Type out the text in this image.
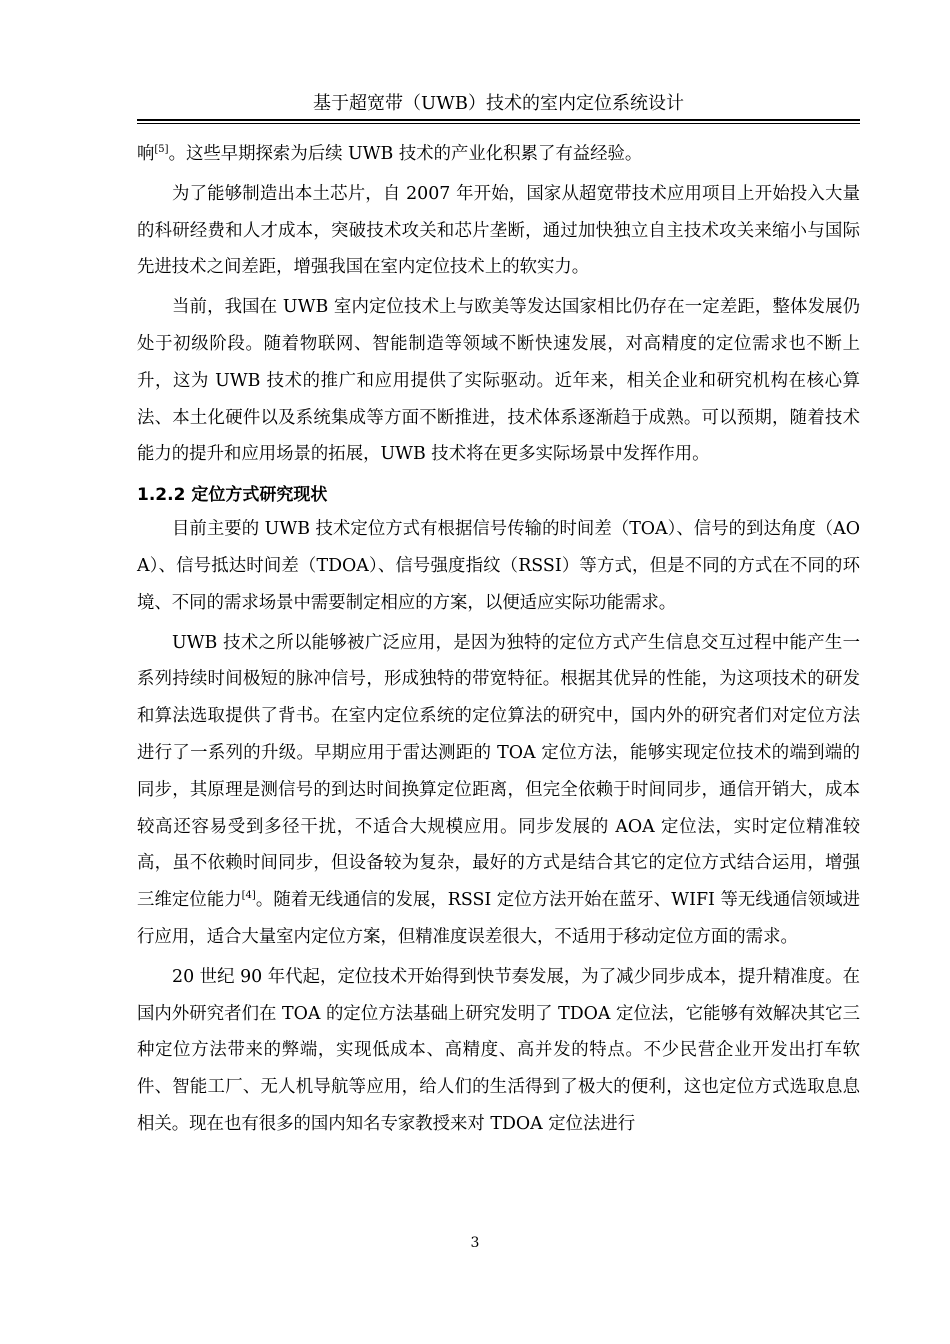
基于超宽带（UWB）技术的室内定位系统设计

响[5]。这些早期探索为后续 UWB 技术的产业化积累了有益经验。

为了能够制造出本土芯片，自 2007 年开始，国家从超宽带技术应用项目上开始投入大量的科研经费和人才成本，突破技术攻关和芯片垄断，通过加快独立自主技术攻关来缩小与国际先进技术之间差距，增强我国在室内定位技术上的软实力。

当前，我国在 UWB 室内定位技术上与欧美等发达国家相比仍存在一定差距，整体发展仍处于初级阶段。随着物联网、智能制造等领域不断快速发展，对高精度的定位需求也不断上升，这为 UWB 技术的推广和应用提供了实际驱动。近年来，相关企业和研究机构在核心算法、本土化硬件以及系统集成等方面不断推进，技术体系逐渐趋于成熟。可以预期，随着技术能力的提升和应用场景的拓展，UWB 技术将在更多实际场景中发挥作用。

1.2.2 定位方式研究现状

目前主要的 UWB 技术定位方式有根据信号传输的时间差（TOA）、信号的到达角度（AOA）、信号抵达时间差（TDOA）、信号强度指纹（RSSI）等方式，但是不同的方式在不同的环境、不同的需求场景中需要制定相应的方案，以便适应实际功能需求。

UWB 技术之所以能够被广泛应用，是因为独特的定位方式产生信息交互过程中能产生一系列持续时间极短的脉冲信号，形成独特的带宽特征。根据其优异的性能，为这项技术的研发和算法选取提供了背书。在室内定位系统的定位算法的研究中，国内外的研究者们对定位方法进行了一系列的升级。早期应用于雷达测距的 TOA 定位方法，能够实现定位技术的端到端的同步，其原理是测信号的到达时间换算定位距离，但完全依赖于时间同步，通信开销大，成本较高还容易受到多径干扰，不适合大规模应用。同步发展的 AOA 定位法，实时定位精准较高，虽不依赖时间同步，但设备较为复杂，最好的方式是结合其它的定位方式结合运用，增强三维定位能力[4]。随着无线通信的发展，RSSI 定位方法开始在蓝牙、WIFI 等无线通信领域进行应用，适合大量室内定位方案，但精准度误差很大，不适用于移动定位方面的需求。

20 世纪 90 年代起，定位技术开始得到快节奏发展，为了减少同步成本，提升精准度。在国内外研究者们在 TOA 的定位方法基础上研究发明了 TDOA 定位法，它能够有效解决其它三种定位方法带来的弊端，实现低成本、高精度、高并发的特点。不少民营企业开发出打车软件、智能工厂、无人机导航等应用，给人们的生活得到了极大的便利，这也定位方式选取息息相关。现在也有很多的国内知名专家教授来对 TDOA 定位法进行

3
